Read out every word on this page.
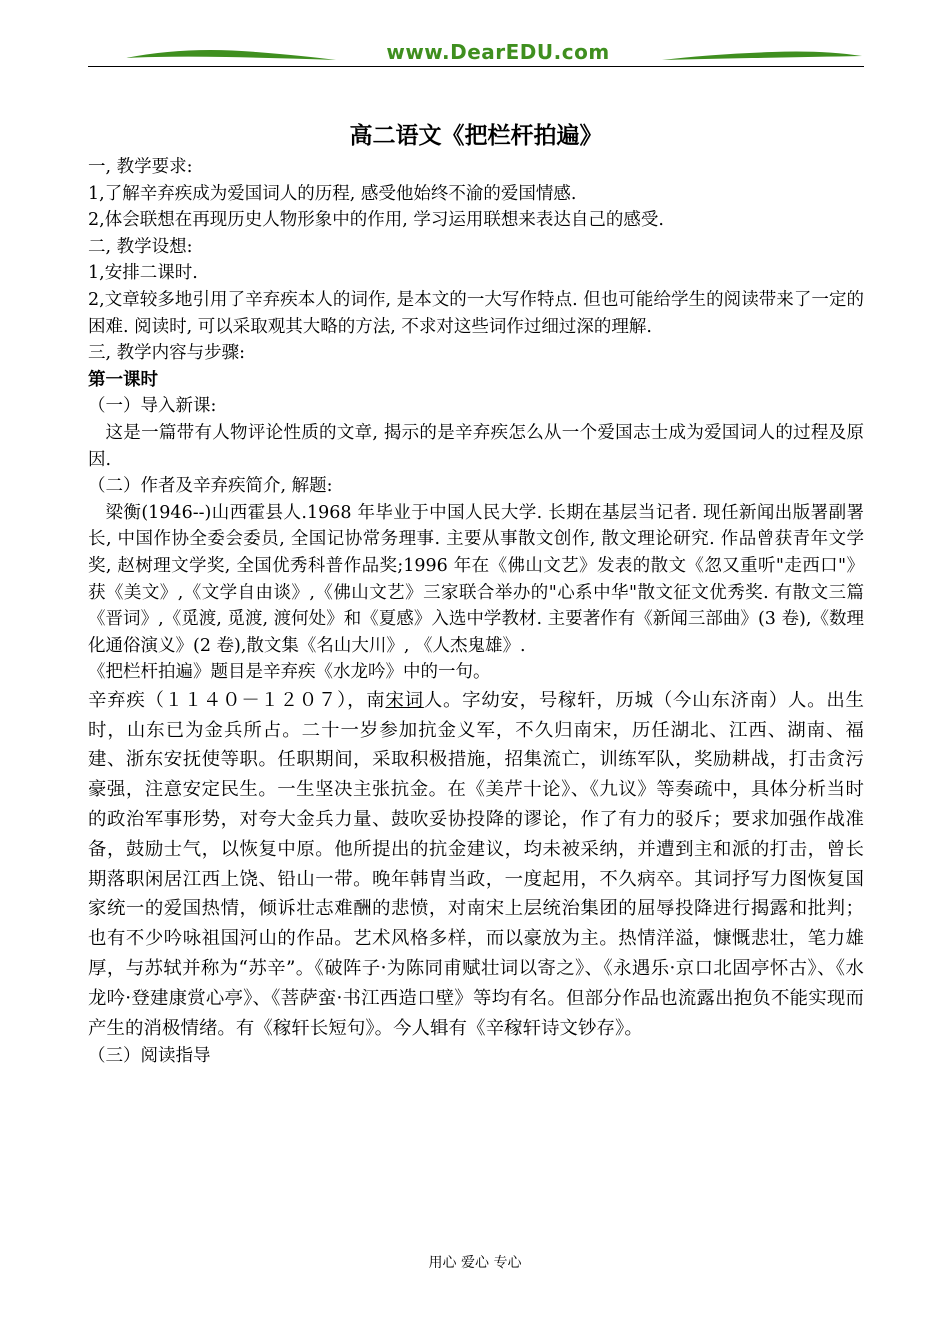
www.DearEDU.com
高二语文《把栏杆拍遍》

一, 教学要求:

1,了解辛弃疾成为爱国词人的历程, 感受他始终不渝的爱国情感.

2,体会联想在再现历史人物形象中的作用, 学习运用联想来表达自己的感受.

二, 教学设想:

1,安排二课时.

2,文章较多地引用了辛弃疾本人的词作, 是本文的一大写作特点. 但也可能给学生的阅读带来了一定的困难. 阅读时, 可以采取观其大略的方法, 不求对这些词作过细过深的理解.

三, 教学内容与步骤:

第一课时

（一）导入新课:

这是一篇带有人物评论性质的文章, 揭示的是辛弃疾怎么从一个爱国志士成为爱国词人的过程及原因.

（二）作者及辛弃疾简介, 解题:

梁衡(1946--)山西霍县人.1968 年毕业于中国人民大学. 长期在基层当记者. 现任新闻出版署副署长, 中国作协全委会委员, 全国记协常务理事. 主要从事散文创作, 散文理论研究. 作品曾获青年文学奖, 赵树理文学奖, 全国优秀科普作品奖;1996 年在《佛山文艺》发表的散文《忽又重听"走西口"》获《美文》,《文学自由谈》,《佛山文艺》三家联合举办的"心系中华"散文征文优秀奖. 有散文三篇《晋词》,《觅渡, 觅渡, 渡何处》和《夏感》入选中学教材. 主要著作有《新闻三部曲》(3 卷),《数理化通俗演义》(2 卷),散文集《名山大川》, 《人杰鬼雄》.

《把栏杆拍遍》题目是辛弃疾《水龙吟》中的一句。

辛弃疾（１１４０－１２０７），南宋词人。字幼安，号稼轩，历城（今山东济南）人。出生时，山东已为金兵所占。二十一岁参加抗金义军，不久归南宋，历任湖北、江西、湖南、福建、浙东安抚使等职。任职期间，采取积极措施，招集流亡，训练军队，奖励耕战，打击贪污豪强，注意安定民生。一生坚决主张抗金。在《美芹十论》、《九议》等奏疏中，具体分析当时的政治军事形势，对夸大金兵力量、鼓吹妥协投降的谬论，作了有力的驳斥；要求加强作战准备，鼓励士气，以恢复中原。他所提出的抗金建议，均未被采纳，并遭到主和派的打击，曾长期落职闲居江西上饶、铅山一带。晚年韩胄当政，一度起用，不久病卒。其词抒写力图恢复国家统一的爱国热情，倾诉壮志难酬的悲愤，对南宋上层统治集团的屈辱投降进行揭露和批判；也有不少吟咏祖国河山的作品。艺术风格多样，而以豪放为主。热情洋溢，慷慨悲壮，笔力雄厚，与苏轼并称为“苏辛”。《破阵子·为陈同甫赋壮词以寄之》、《永遇乐·京口北固亭怀古》、《水龙吟·登建康赏心亭》、《菩萨蛮·书江西造口壁》等均有名。但部分作品也流露出抱负不能实现而产生的消极情绪。有《稼轩长短句》。今人辑有《辛稼轩诗文钞存》。

（三）阅读指导

用心 爱心 专心
